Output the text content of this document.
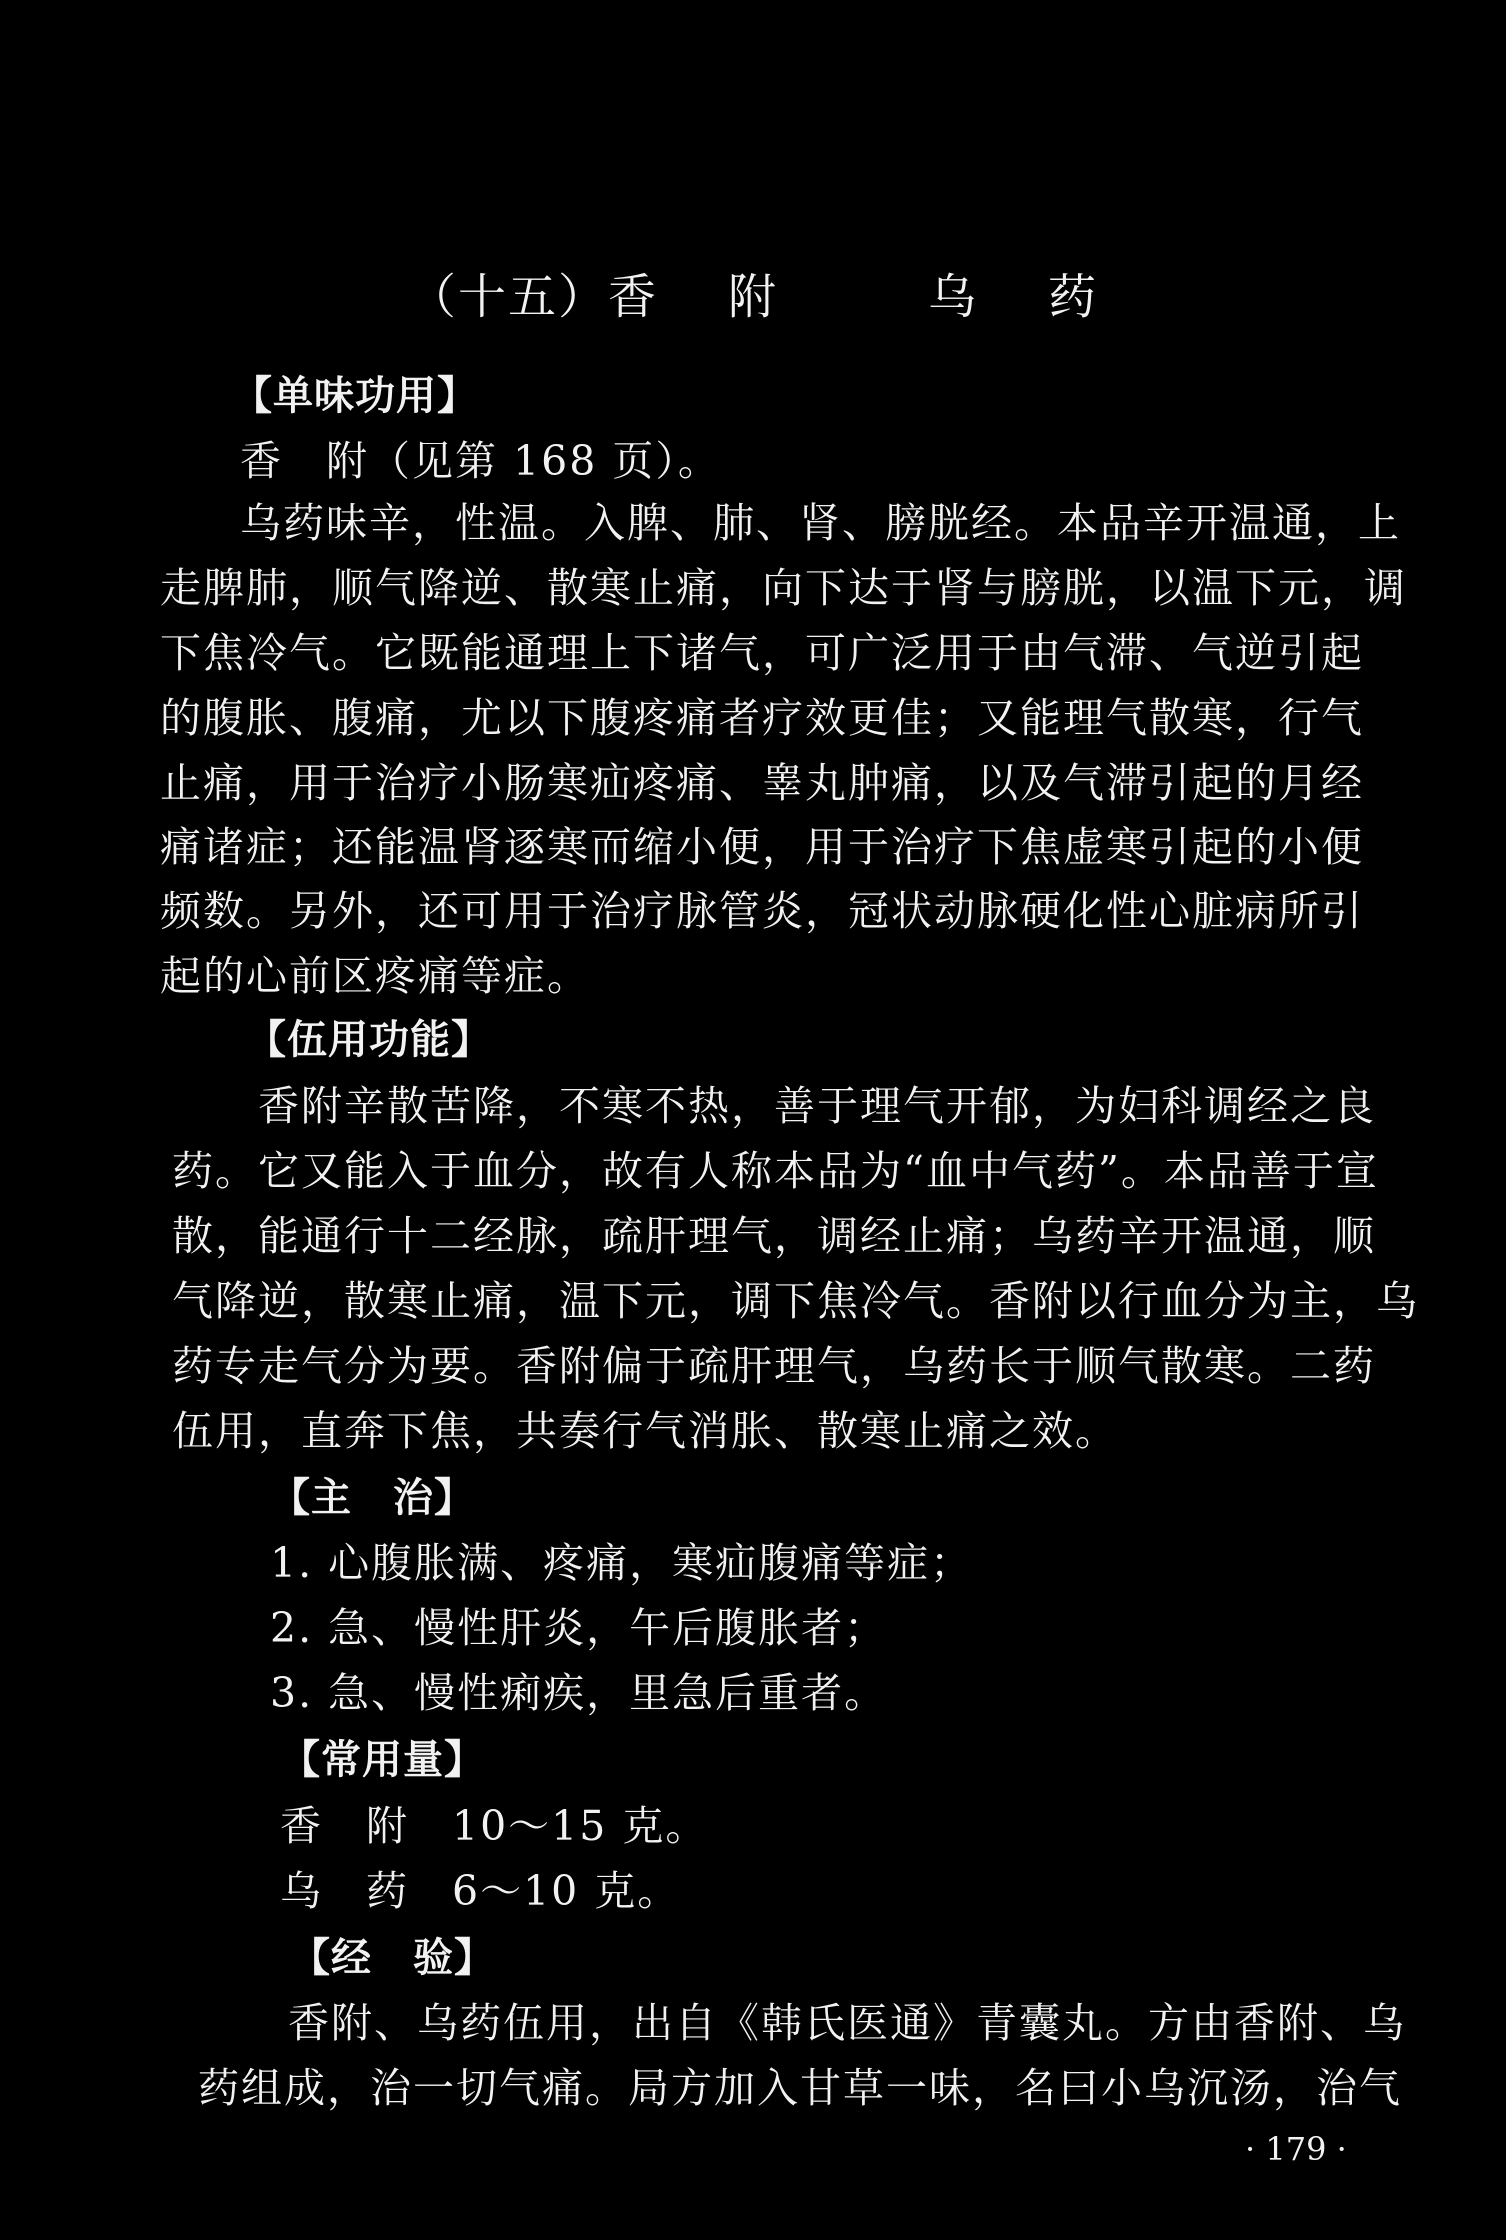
（十五）香 附	乌 药
【单味功用】
香　附（见第 168 页）。
乌药味辛，性温。入脾、肺、肾、膀胱经。本品辛开温通，上
走脾肺，顺气降逆、散寒止痛，向下达于肾与膀胱，以温下元，调
下焦冷气。它既能通理上下诸气，可广泛用于由气滞、气逆引起
的腹胀、腹痛，尤以下腹疼痛者疗效更佳；又能理气散寒，行气
止痛，用于治疗小肠寒疝疼痛、睾丸肿痛，以及气滞引起的月经
痛诸症；还能温肾逐寒而缩小便，用于治疗下焦虚寒引起的小便
频数。另外，还可用于治疗脉管炎，冠状动脉硬化性心脏病所引
起的心前区疼痛等症。
【伍用功能】
香附辛散苦降，不寒不热，善于理气开郁，为妇科调经之良
药。它又能入于血分，故有人称本品为“血中气药”。本品善于宣
散，能通行十二经脉，疏肝理气，调经止痛；乌药辛开温通，顺
气降逆，散寒止痛，温下元，调下焦冷气。香附以行血分为主，乌
药专走气分为要。香附偏于疏肝理气，乌药长于顺气散寒。二药
伍用，直奔下焦，共奏行气消胀、散寒止痛之效。
【主　治】
1. 心腹胀满、疼痛，寒疝腹痛等症；
2. 急、慢性肝炎，午后腹胀者；
3. 急、慢性痢疾，里急后重者。
【常用量】
香　附　10～15 克。
乌　药　6～10 克。
【经　验】
香附、乌药伍用，出自《韩氏医通》青囊丸。方由香附、乌
药组成，治一切气痛。局方加入甘草一味，名曰小乌沉汤，治气
· 179 ·
